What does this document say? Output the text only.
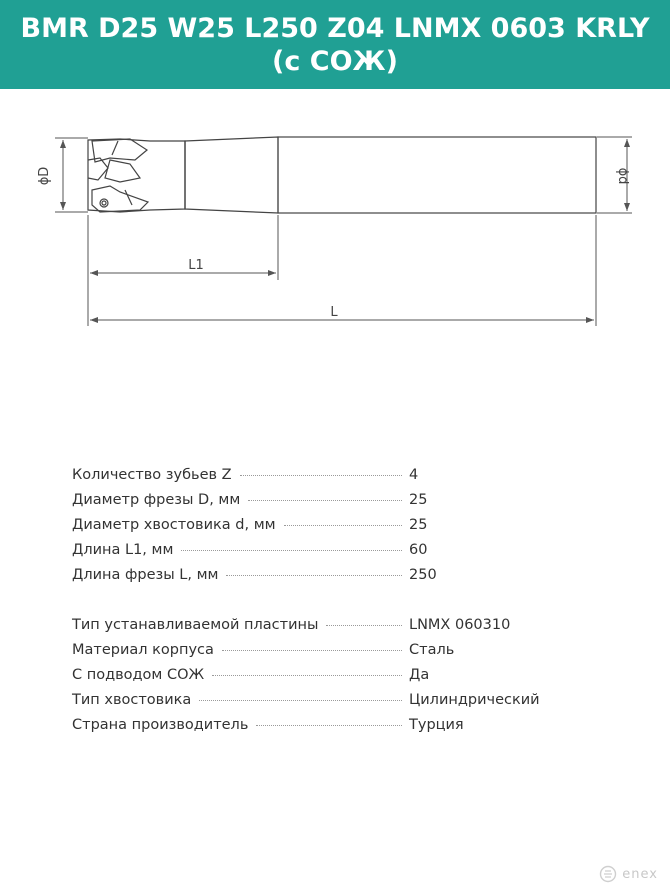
BMR D25 W25 L250 Z04 LNMX 0603 KRLY (с СОЖ)
ϕD	ϕd
L1
L
Количество зубьев Z	4
Диаметр фрезы D, мм	25
Диаметр хвостовика d, мм	25
Длина L1, мм	60
Длина фрезы L, мм	250
Тип устанавливаемой пластины	LNMX 060310
Материал корпуса	Сталь
С подводом СОЖ	Да
Тип хвостовика	Цилиндрический
Страна производитель	Турция
enex
